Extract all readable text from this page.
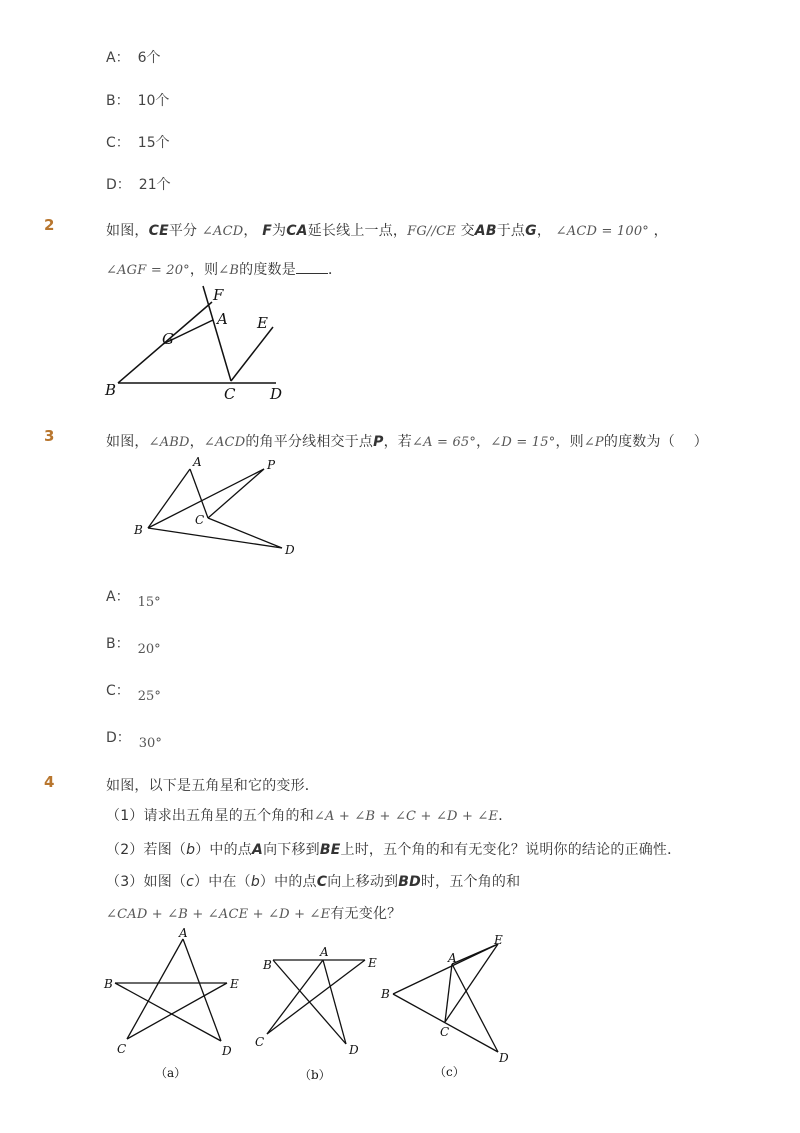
A： 6个
B： 10个
C： 15个
D： 21个
2	如图，CE平分 ∠ACD， F为CA延长线上一点，FG//CE 交AB于点G， ∠ACD = 100° ，
∠AGF = 20°，则∠B的度数是 ．
F
A E
G
B	C D
3	如图，∠ABD，∠ACD的角平分线相交于点P，若∠A = 65°，∠D = 15°，则∠P的度数为（　 ）
A	P
C
B
D
A： 15°
B： 20°
C： 25°
D： 30°
4	如图，以下是五角星和它的变形．
（1）请求出五角星的五个角的和∠A + ∠B + ∠C + ∠D + ∠E．
（2）若图（b）中的点A向下移到BE上时，五个角的和有无变化？说明你的结论的正确性．
（3）如图（c）中在（b）中的点C向上移动到BD时，五个角的和
∠CAD + ∠B + ∠ACE + ∠D + ∠E有无变化？
A
B	E
C	D
（a）
B
A
E
C
D
（b）
E
A
B
C
D
（c）
